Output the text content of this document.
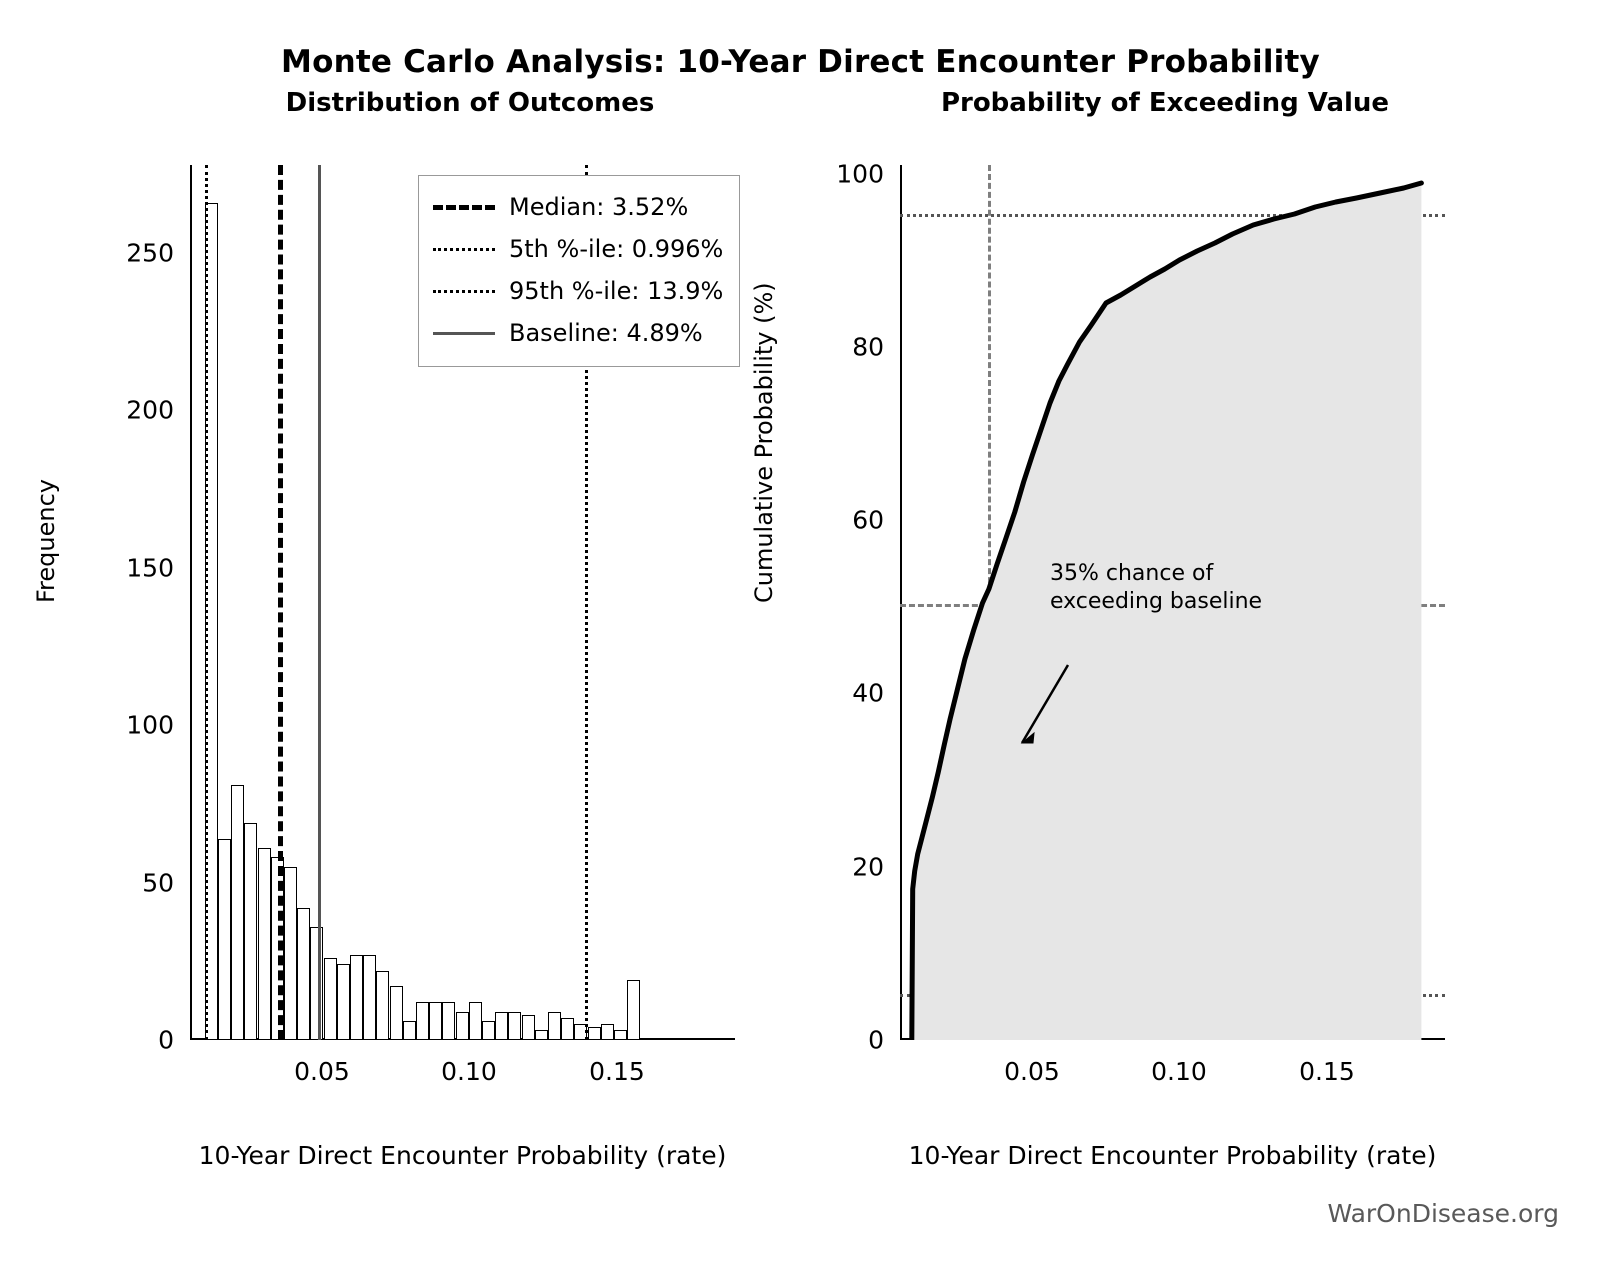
Monte Carlo Analysis: 10-Year Direct Encounter Probability
Distribution of Outcomes	Probability of Exceeding Value
0
50
100
150
200
250
0.05	0.10	0.15
10-Year Direct Encounter Probability (rate)
Frequency
Median: 3.52%
5th %-ile: 0.996%
95th %-ile: 13.9%
Baseline: 4.89%
0
20
40
60
80
100
0.05	0.10	0.15
10-Year Direct Encounter Probability (rate)
Cumulative Probability (%)	35% chance of
exceeding baseline
WarOnDisease.org
